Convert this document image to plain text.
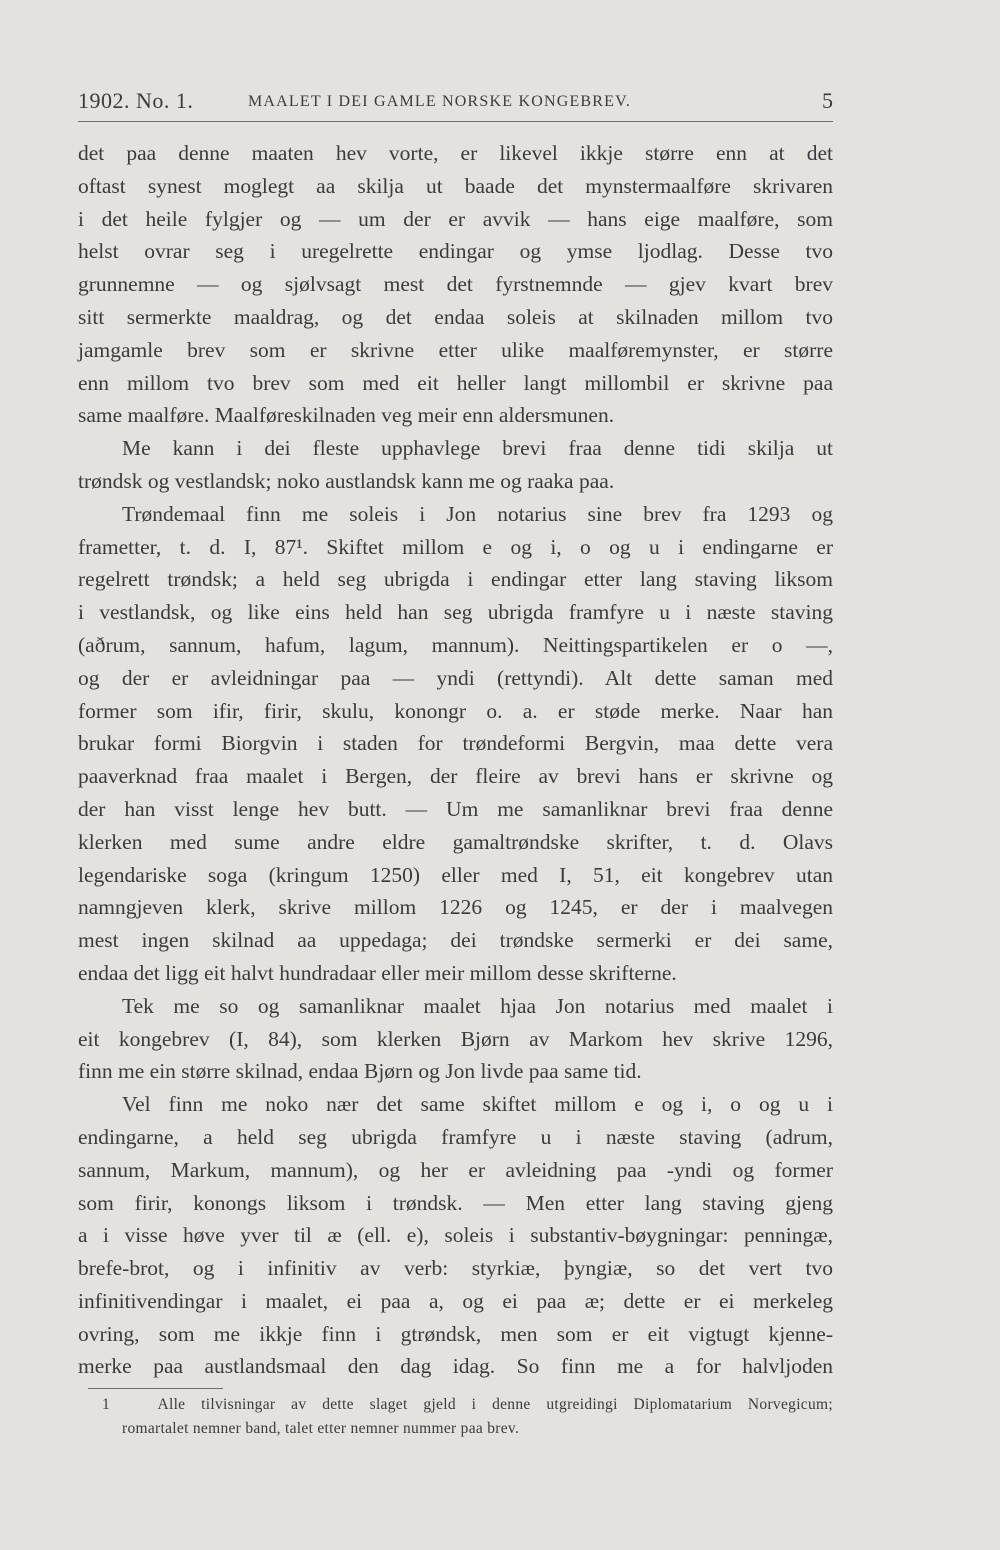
1902. No. 1.	MAALET I DEI GAMLE NORSKE KONGEBREV.	5
det paa denne maaten hev vorte, er likevel ikkje større enn at det
oftast synest moglegt aa skilja ut baade det mynstermaalføre skrivaren
i det heile fylgjer og — um der er avvik — hans eige maalføre, som
helst ovrar seg i uregelrette endingar og ymse ljodlag. Desse tvo
grunnemne — og sjølvsagt mest det fyrstnemnde — gjev kvart brev
sitt sermerkte maaldrag, og det endaa soleis at skilnaden millom tvo
jamgamle brev som er skrivne etter ulike maalføremynster, er større
enn millom tvo brev som med eit heller langt millombil er skrivne paa
same maalføre. Maalføreskilnaden veg meir enn aldersmunen.
Me kann i dei fleste upphavlege brevi fraa denne tidi skilja ut
trøndsk og vestlandsk; noko austlandsk kann me og raaka paa.
Trøndemaal finn me soleis i Jon notarius sine brev fra 1293 og
frametter, t. d. I, 87¹. Skiftet millom e og i, o og u i endingarne er
regelrett trøndsk; a held seg ubrigda i endingar etter lang staving liksom
i vestlandsk, og like eins held han seg ubrigda framfyre u i næste staving
(aðrum, sannum, hafum, lagum, mannum). Neittingspartikelen er o —,
og der er avleidningar paa — yndi (rettyndi). Alt dette saman med
former som ifir, firir, skulu, konongr o. a. er støde merke. Naar han
brukar formi Biorgvin i staden for trøndeformi Bergvin, maa dette vera
paaverknad fraa maalet i Bergen, der fleire av brevi hans er skrivne og
der han visst lenge hev butt. — Um me samanliknar brevi fraa denne
klerken med sume andre eldre gamaltrøndske skrifter, t. d. Olavs
legendariske soga (kringum 1250) eller med I, 51, eit kongebrev utan
namngjeven klerk, skrive millom 1226 og 1245, er der i maalvegen
mest ingen skilnad aa uppedaga; dei trøndske sermerki er dei same,
endaa det ligg eit halvt hundradaar eller meir millom desse skrifterne.
Tek me so og samanliknar maalet hjaa Jon notarius med maalet i
eit kongebrev (I, 84), som klerken Bjørn av Markom hev skrive 1296,
finn me ein større skilnad, endaa Bjørn og Jon livde paa same tid.
Vel finn me noko nær det same skiftet millom e og i, o og u i
endingarne, a held seg ubrigda framfyre u i næste staving (adrum,
sannum, Markum, mannum), og her er avleidning paa -yndi og former
som firir, konongs liksom i trøndsk. — Men etter lang staving gjeng
a i visse høve yver til æ (ell. e), soleis i substantiv-bøygningar: penningæ,
brefe-brot, og i infinitiv av verb: styrkiæ, þyngiæ, so det vert tvo
infinitivendingar i maalet, ei paa a, og ei paa æ; dette er ei merkeleg
ovring, som me ikkje finn i gtrøndsk, men som er eit vigtugt kjenne-
merke paa austlandsmaal den dag idag. So finn me a for halvljoden
1	Alle tilvisningar av dette slaget gjeld i denne utgreidingi Diplomatarium Norvegicum;
romartalet nemner band, talet etter nemner nummer paa brev.
